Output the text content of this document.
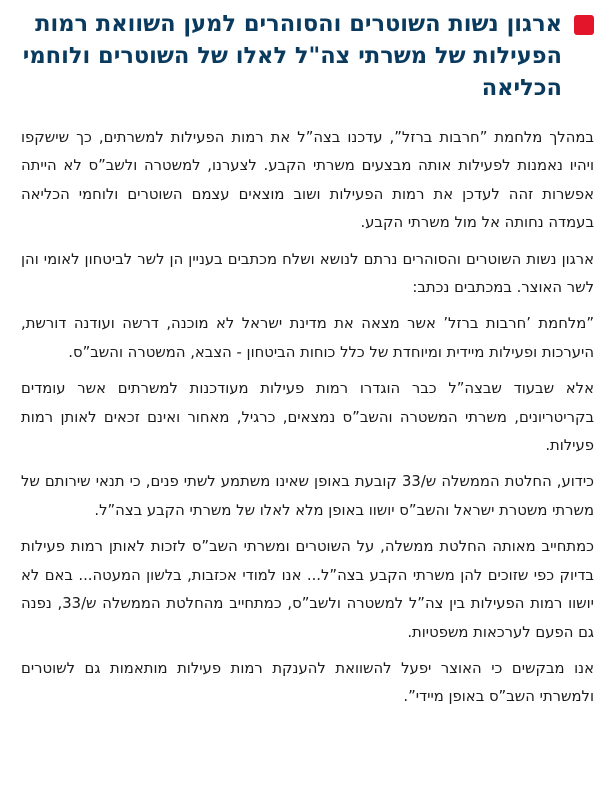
ארגון נשות השוטרים והסוהרים למען השוואת רמות הפעילות של משרתי צה"ל לאלו של השוטרים ולוחמי הכליאה

במהלך מלחמת ”חרבות ברזל”, עדכנו בצה”ל את רמות הפעילות למשרתים, כך שישקפו ויהיו נאמנות לפעילות אותה מבצעים משרתי הקבע. לצערנו, למשטרה ולשב”ס לא הייתה אפשרות זהה לעדכן את רמות הפעילות ושוב מוצאים עצמם השוטרים ולוחמי הכליאה בעמדה נחותה אל מול משרתי הקבע.

ארגון נשות השוטרים והסוהרים נרתם לנושא ושלח מכתבים בעניין הן לשר לביטחון לאומי והן לשר האוצר. במכתבים נכתב:

”מלחמת ’חרבות ברזל’ אשר מצאה את מדינת ישראל לא מוכנה, דרשה ועודנה דורשת, היערכות ופעילות מיידית ומיוחדת של כלל כוחות הביטחון - הצבא, המשטרה והשב”ס.

אלא שבעוד שבצה”ל כבר הוגדרו רמות פעילות מעודכנות למשרתים אשר עומדים בקריטריונים, משרתי המשטרה והשב”ס נמצאים, כרגיל, מאחור ואינם זכאים לאותן רמות פעילות.

כידוע, החלטת הממשלה ש/33 קובעת באופן שאינו משתמע לשתי פנים, כי תנאי שירותם של משרתי משטרת ישראל והשב”ס יושוו באופן מלא לאלו של משרתי הקבע בצה”ל.

כמתחייב מאותה החלטת ממשלה, על השוטרים ומשרתי השב”ס לזכות לאותן רמות פעילות בדיוק כפי שזוכים להן משרתי הקבע בצה”ל... אנו למודי אכזבות, בלשון המעטה... באם לא יושוו רמות הפעילות בין צה”ל למשטרה ולשב”ס, כמתחייב מהחלטת הממשלה ש/33, נפנה גם הפעם לערכאות משפטיות.

אנו מבקשים כי האוצר יפעל להשוואת להענקת רמות פעילות מותאמות גם לשוטרים ולמשרתי השב”ס באופן מיידי”.
